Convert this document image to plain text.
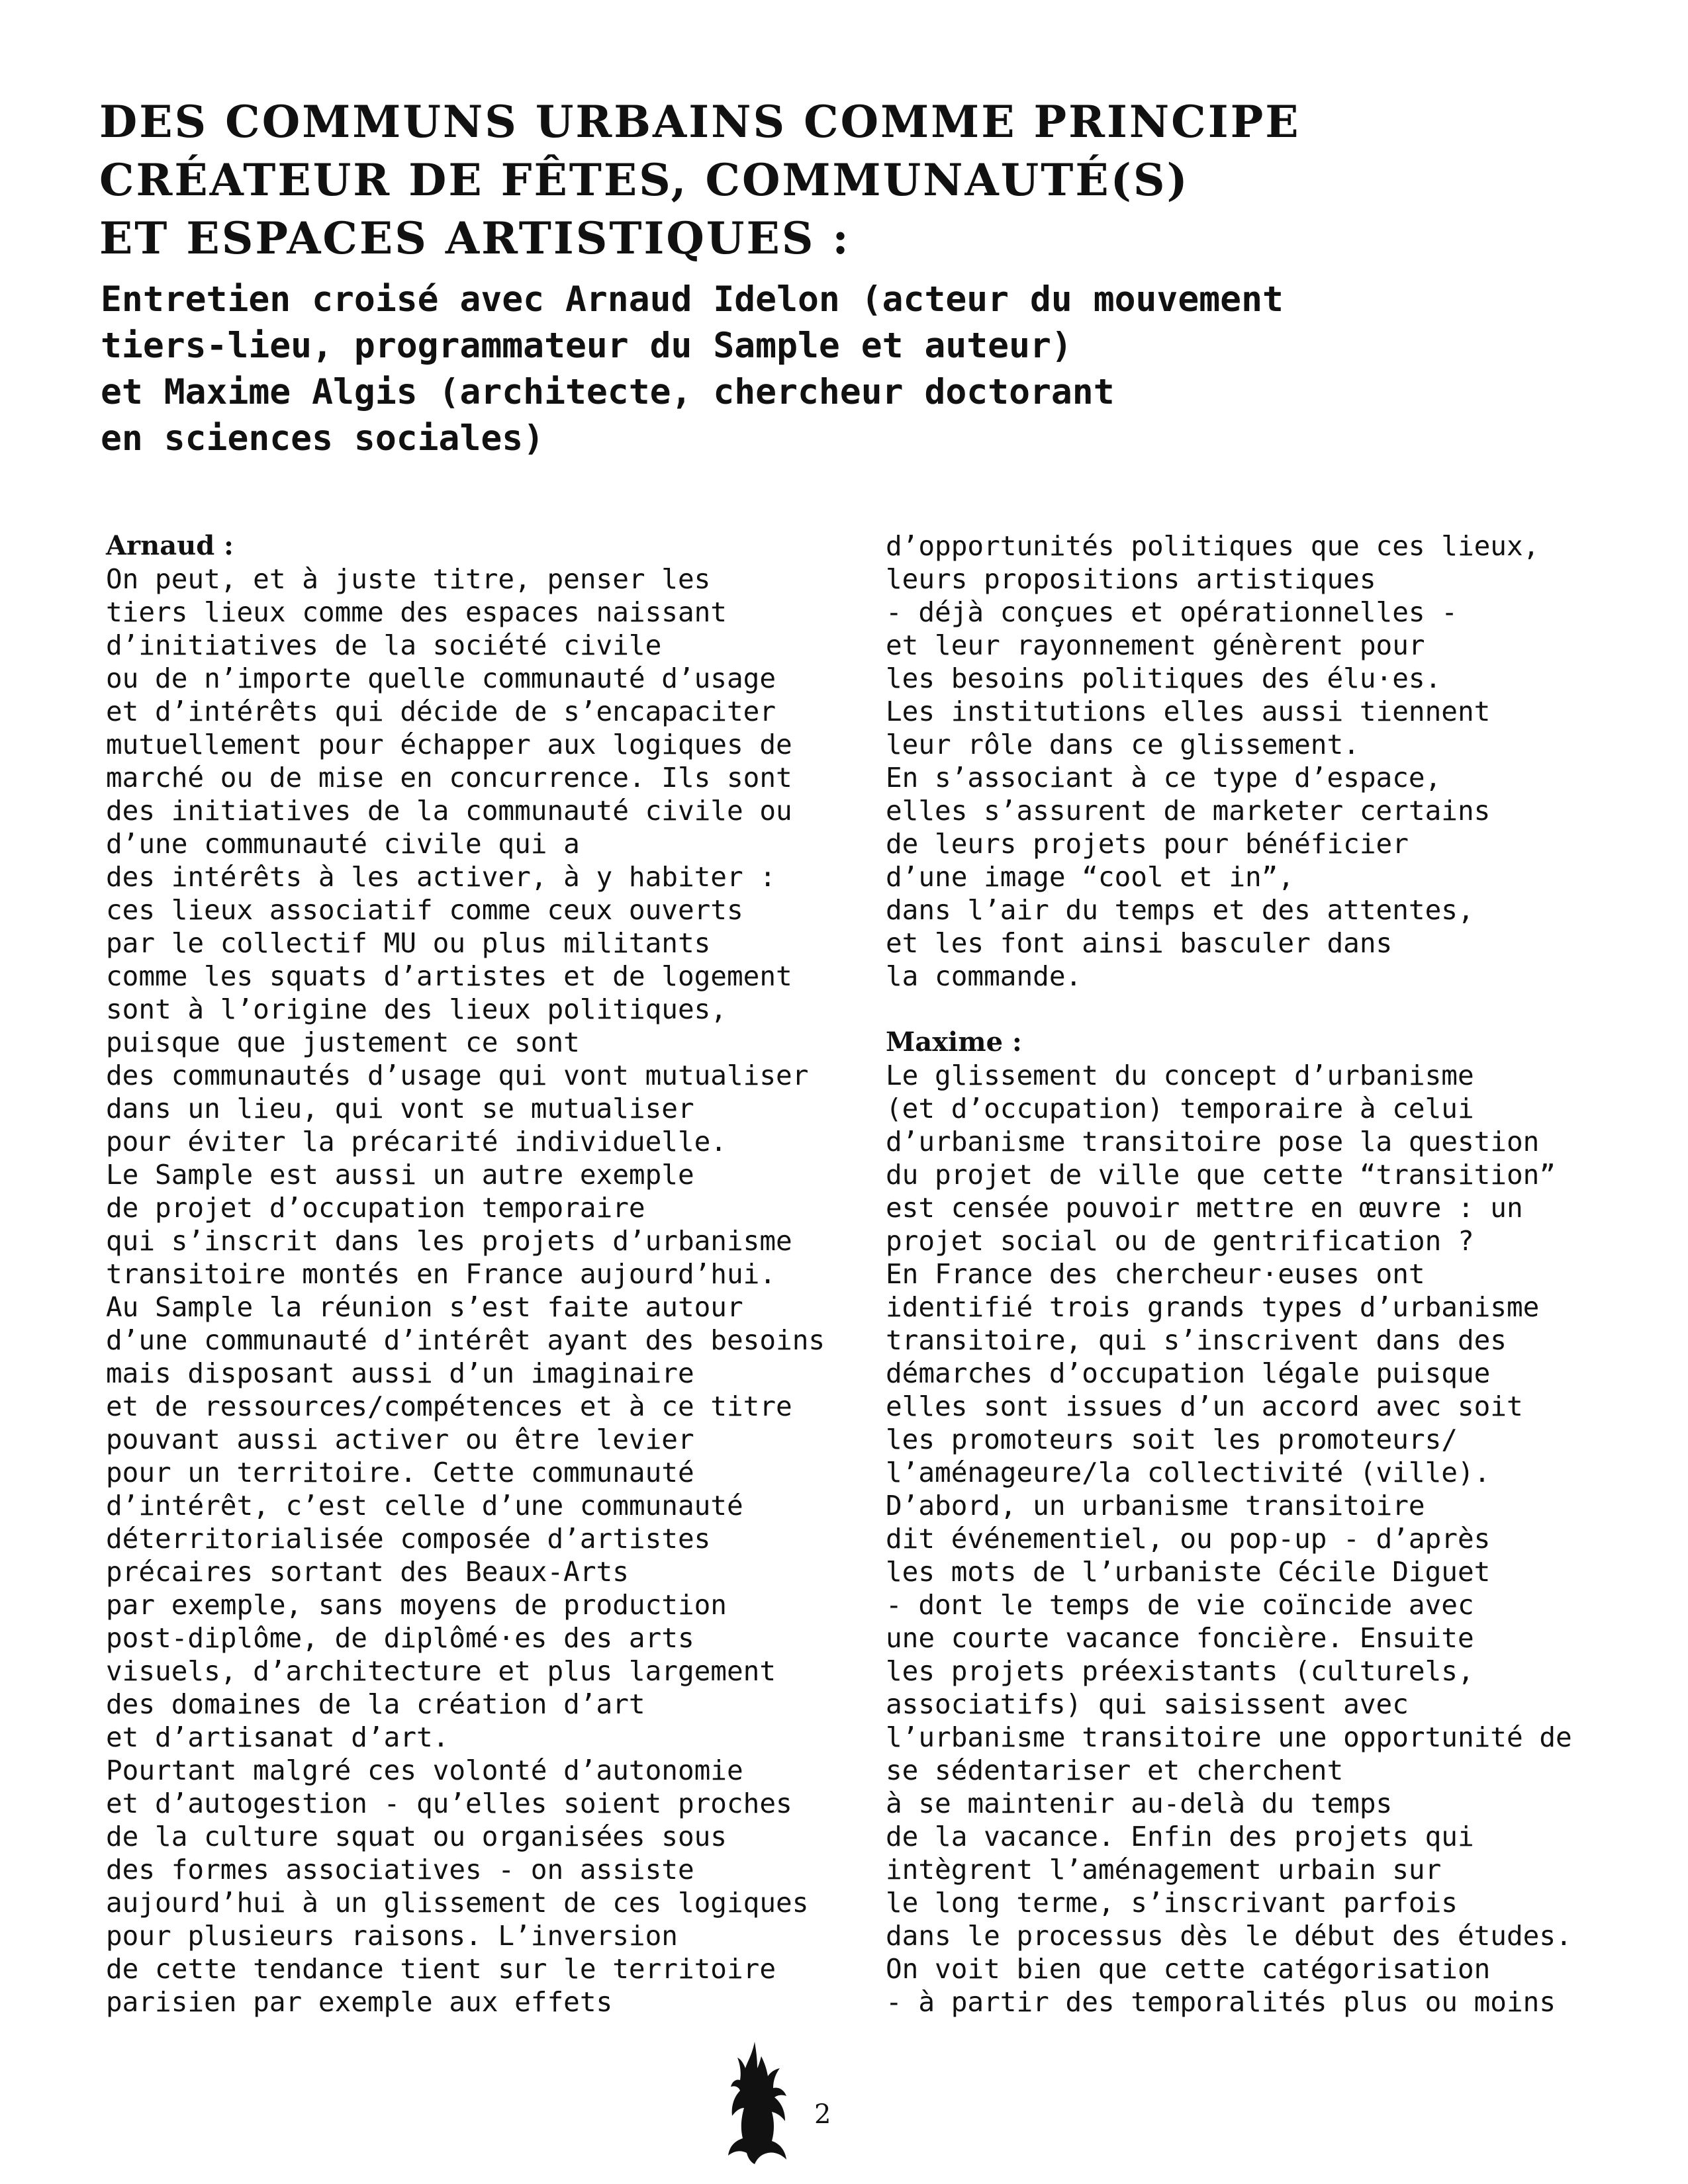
DES COMMUNS URBAINS COMME PRINCIPE
CRÉATEUR DE FÊTES, COMMUNAUTÉ(S)
ET ESPACES ARTISTIQUES :
Entretien croisé avec Arnaud Idelon (acteur du mouvement
tiers-lieu, programmateur du Sample et auteur)
et Maxime Algis (architecte, chercheur doctorant
en sciences sociales)
Arnaud :
On peut, et à juste titre, penser les
tiers lieux comme des espaces naissant
d’initiatives de la société civile
ou de n’importe quelle communauté d’usage
et d’intérêts qui décide de s’encapaciter
mutuellement pour échapper aux logiques de
marché ou de mise en concurrence. Ils sont
des initiatives de la communauté civile ou
d’une communauté civile qui a
des intérêts à les activer, à y habiter :
ces lieux associatif comme ceux ouverts
par le collectif MU ou plus militants
comme les squats d’artistes et de logement
sont à l’origine des lieux politiques,
puisque que justement ce sont
des communautés d’usage qui vont mutualiser
dans un lieu, qui vont se mutualiser
pour éviter la précarité individuelle.
Le Sample est aussi un autre exemple
de projet d’occupation temporaire
qui s’inscrit dans les projets d’urbanisme
transitoire montés en France aujourd’hui.
Au Sample la réunion s’est faite autour
d’une communauté d’intérêt ayant des besoins
mais disposant aussi d’un imaginaire
et de ressources/compétences et à ce titre
pouvant aussi activer ou être levier
pour un territoire. Cette communauté
d’intérêt, c’est celle d’une communauté
déterritorialisée composée d’artistes
précaires sortant des Beaux-Arts
par exemple, sans moyens de production
post-diplôme, de diplômé·es des arts
visuels, d’architecture et plus largement
des domaines de la création d’art
et d’artisanat d’art.
Pourtant malgré ces volonté d’autonomie
et d’autogestion - qu’elles soient proches
de la culture squat ou organisées sous
des formes associatives - on assiste
aujourd’hui à un glissement de ces logiques
pour plusieurs raisons. L’inversion
de cette tendance tient sur le territoire
parisien par exemple aux effets
d’opportunités politiques que ces lieux,
leurs propositions artistiques
- déjà conçues et opérationnelles -
et leur rayonnement génèrent pour
les besoins politiques des élu·es.
Les institutions elles aussi tiennent
leur rôle dans ce glissement.
En s’associant à ce type d’espace,
elles s’assurent de marketer certains
de leurs projets pour bénéficier
d’une image “cool et in”,
dans l’air du temps et des attentes,
et les font ainsi basculer dans
la commande.
Maxime :
Le glissement du concept d’urbanisme
(et d’occupation) temporaire à celui
d’urbanisme transitoire pose la question
du projet de ville que cette “transition”
est censée pouvoir mettre en œuvre : un
projet social ou de gentrification ?
En France des chercheur·euses ont
identifié trois grands types d’urbanisme
transitoire, qui s’inscrivent dans des
démarches d’occupation légale puisque
elles sont issues d’un accord avec soit
les promoteurs soit les promoteurs/
l’aménageure/la collectivité (ville).
D’abord, un urbanisme transitoire
dit événementiel, ou pop-up - d’après
les mots de l’urbaniste Cécile Diguet
- dont le temps de vie coïncide avec
une courte vacance foncière. Ensuite
les projets préexistants (culturels,
associatifs) qui saisissent avec
l’urbanisme transitoire une opportunité de
se sédentariser et cherchent
à se maintenir au-delà du temps
de la vacance. Enfin des projets qui
intègrent l’aménagement urbain sur
le long terme, s’inscrivant parfois
dans le processus dès le début des études.
On voit bien que cette catégorisation
- à partir des temporalités plus ou moins
2
